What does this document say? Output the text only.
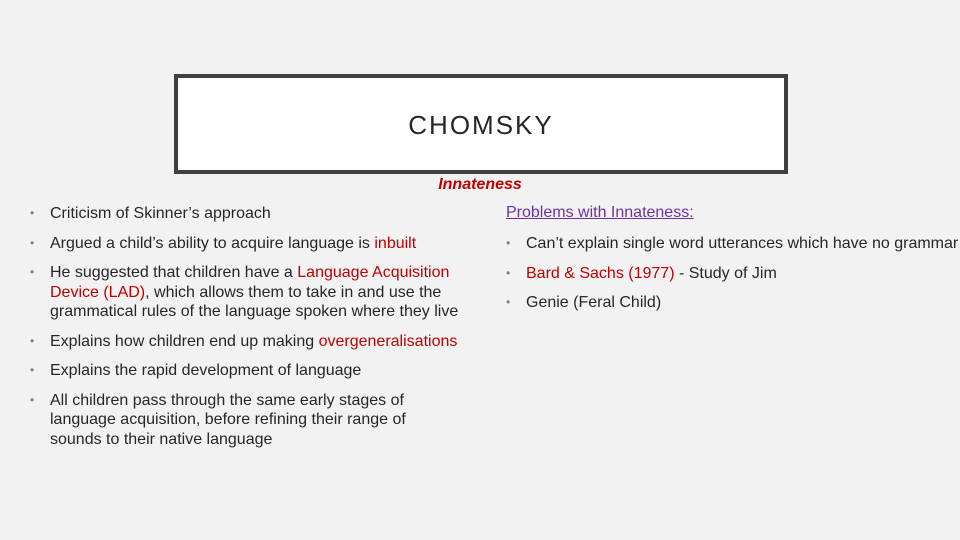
CHOMSKY
Innateness
• Criticism of Skinner’s approach
• Argued a child’s ability to acquire language is inbuilt
• He suggested that children have a Language Acquisition Device (LAD), which allows them to take in and use the grammatical rules of the language spoken where they live
• Explains how children end up making overgeneralisations
• Explains the rapid development of language
• All children pass through the same early stages of language acquisition, before refining their range of sounds to their native language
Problems with Innateness:
• Can’t explain single word utterances which have no grammar
• Bard & Sachs (1977) - Study of Jim
• Genie (Feral Child)
